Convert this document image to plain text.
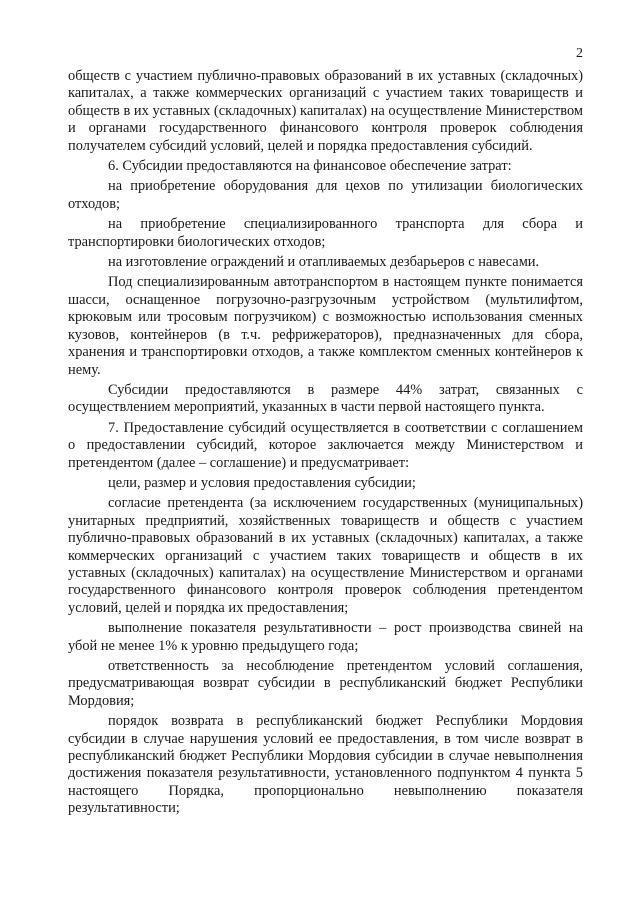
2

обществ с участием публично-правовых образований в их уставных (складочных) капиталах, а также коммерческих организаций с участием таких товариществ и обществ в их уставных (складочных) капиталах) на осуществление Министерством и органами государственного финансового контроля проверок соблюдения получателем субсидий условий, целей и порядка предоставления субсидий.

6. Субсидии предоставляются на финансовое обеспечение затрат:

на приобретение оборудования для цехов по утилизации биологических отходов;

на приобретение специализированного транспорта для сбора и транспортировки биологических отходов;

на изготовление ограждений и отапливаемых дезбарьеров с навесами.

Под специализированным автотранспортом в настоящем пункте понимается шасси, оснащенное погрузочно-разгрузочным устройством (мультилифтом, крюковым или тросовым погрузчиком) с возможностью использования сменных кузовов, контейнеров (в т.ч. рефрижераторов), предназначенных для сбора, хранения и транспортировки отходов, а также комплектом сменных контейнеров к нему.

Субсидии предоставляются в размере 44% затрат, связанных с осуществлением мероприятий, указанных в части первой настоящего пункта.

7. Предоставление субсидий осуществляется в соответствии с соглашением о предоставлении субсидий, которое заключается между Министерством и претендентом (далее – соглашение) и предусматривает:

цели, размер и условия предоставления субсидии;

согласие претендента (за исключением государственных (муниципальных) унитарных предприятий, хозяйственных товариществ и обществ с участием публично-правовых образований в их уставных (складочных) капиталах, а также коммерческих организаций с участием таких товариществ и обществ в их уставных (складочных) капиталах) на осуществление Министерством и органами государственного финансового контроля проверок соблюдения претендентом условий, целей и порядка их предоставления;

выполнение показателя результативности – рост производства свиней на убой не менее 1% к уровню предыдущего года;

ответственность за несоблюдение претендентом условий соглашения, предусматривающая возврат субсидии в республиканский бюджет Республики Мордовия;

порядок возврата в республиканский бюджет Республики Мордовия субсидии в случае нарушения условий ее предоставления, в том числе возврат в республиканский бюджет Республики Мордовия субсидии в случае невыполнения достижения показателя результативности, установленного подпунктом 4 пункта 5 настоящего Порядка, пропорционально невыполнению показателя результативности;
